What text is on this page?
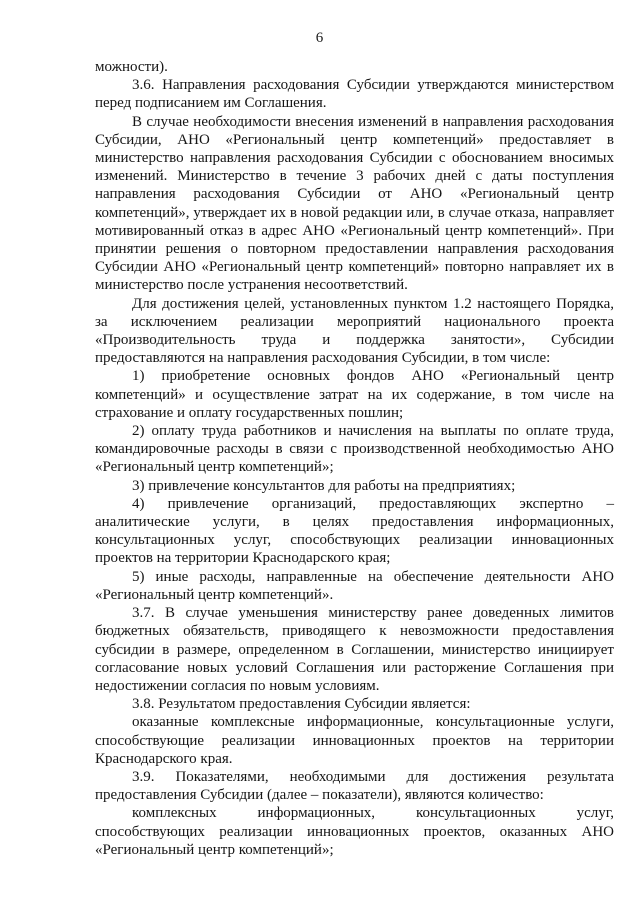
6

можности).

3.6. Направления расходования Субсидии утверждаются министерством перед подписанием им Соглашения.

В случае необходимости внесения изменений в направления расходования Субсидии, АНО «Региональный центр компетенций» предоставляет в министерство направления расходования Субсидии с обоснованием вносимых изменений. Министерство в течение 3 рабочих дней с даты поступления направления расходования Субсидии от АНО «Региональный центр компетенций», утверждает их в новой редакции или, в случае отказа, направляет мотивированный отказ в адрес АНО «Региональный центр компетенций». При принятии решения о повторном предоставлении направления расходования Субсидии АНО «Региональный центр компетенций» повторно направляет их в министерство после устранения несоответствий.

Для достижения целей, установленных пунктом 1.2 настоящего Порядка, за исключением реализации мероприятий национального проекта «Производительность труда и поддержка занятости», Субсидии предоставляются на направления расходования Субсидии, в том числе:

1) приобретение основных фондов АНО «Региональный центр компетенций» и осуществление затрат на их содержание, в том числе на страхование и оплату государственных пошлин;

2) оплату труда работников и начисления на выплаты по оплате труда, командировочные расходы в связи с производственной необходимостью АНО «Региональный центр компетенций»;

3) привлечение консультантов для работы на предприятиях;

4) привлечение организаций, предоставляющих экспертно – аналитические услуги, в целях предоставления информационных, консультационных услуг, способствующих реализации инновационных проектов на территории Краснодарского края;

5) иные расходы, направленные на обеспечение деятельности АНО «Региональный центр компетенций».

3.7. В случае уменьшения министерству ранее доведенных лимитов бюджетных обязательств, приводящего к невозможности предоставления субсидии в размере, определенном в Соглашении, министерство инициирует согласование новых условий Соглашения или расторжение Соглашения при недостижении согласия по новым условиям.

3.8. Результатом предоставления Субсидии является:

оказанные комплексные информационные, консультационные услуги, способствующие реализации инновационных проектов на территории Краснодарского края.

3.9. Показателями, необходимыми для достижения результата предоставления Субсидии (далее – показатели), являются количество:

комплексных информационных, консультационных услуг, способствующих реализации инновационных проектов, оказанных АНО «Региональный центр компетенций»;
